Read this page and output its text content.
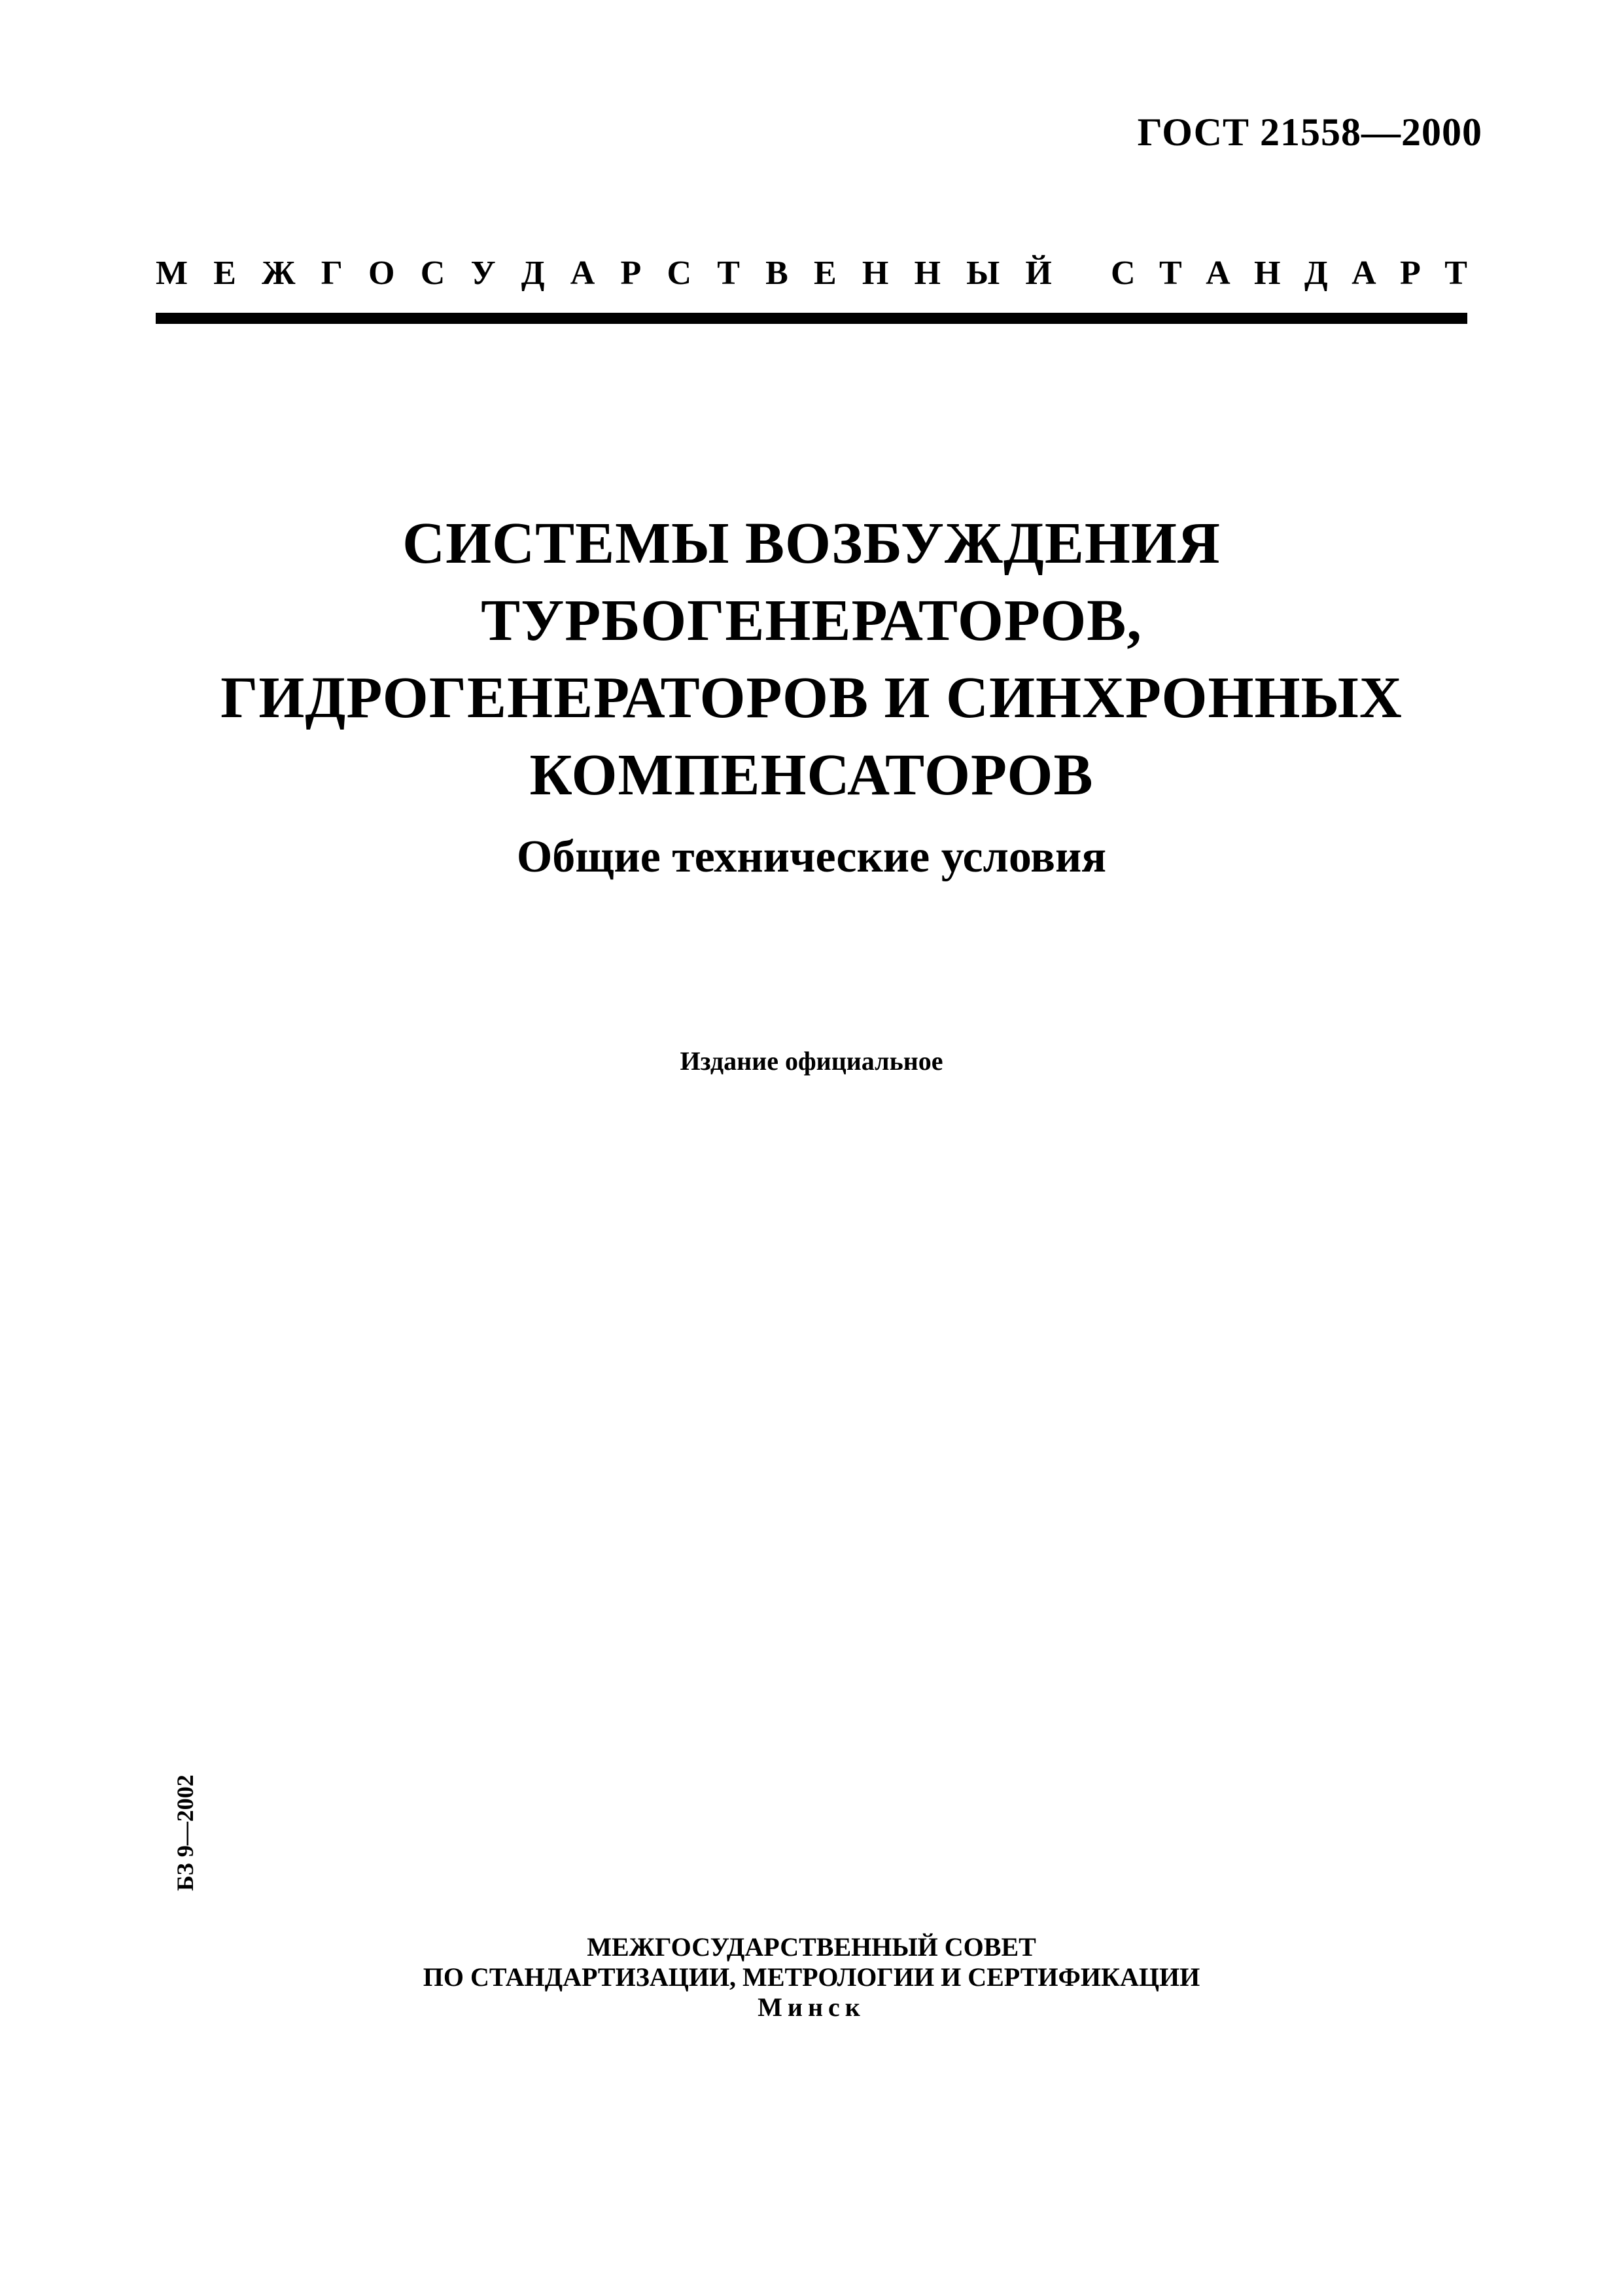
ГОСТ 21558—2000
М Е Ж Г О С У Д А Р С Т В Е Н Н Ы Й С Т А Н Д А Р Т
СИСТЕМЫ ВОЗБУЖДЕНИЯ
ТУРБОГЕНЕРАТОРОВ,
ГИДРОГЕНЕРАТОРОВ И СИНХРОННЫХ
КОМПЕНСАТОРОВ
Общие технические условия
Издание официальное
БЗ 9—2002
МЕЖГОСУДАРСТВЕННЫЙ СОВЕТ
ПО СТАНДАРТИЗАЦИИ, МЕТРОЛОГИИ И СЕРТИФИКАЦИИ
Минск
